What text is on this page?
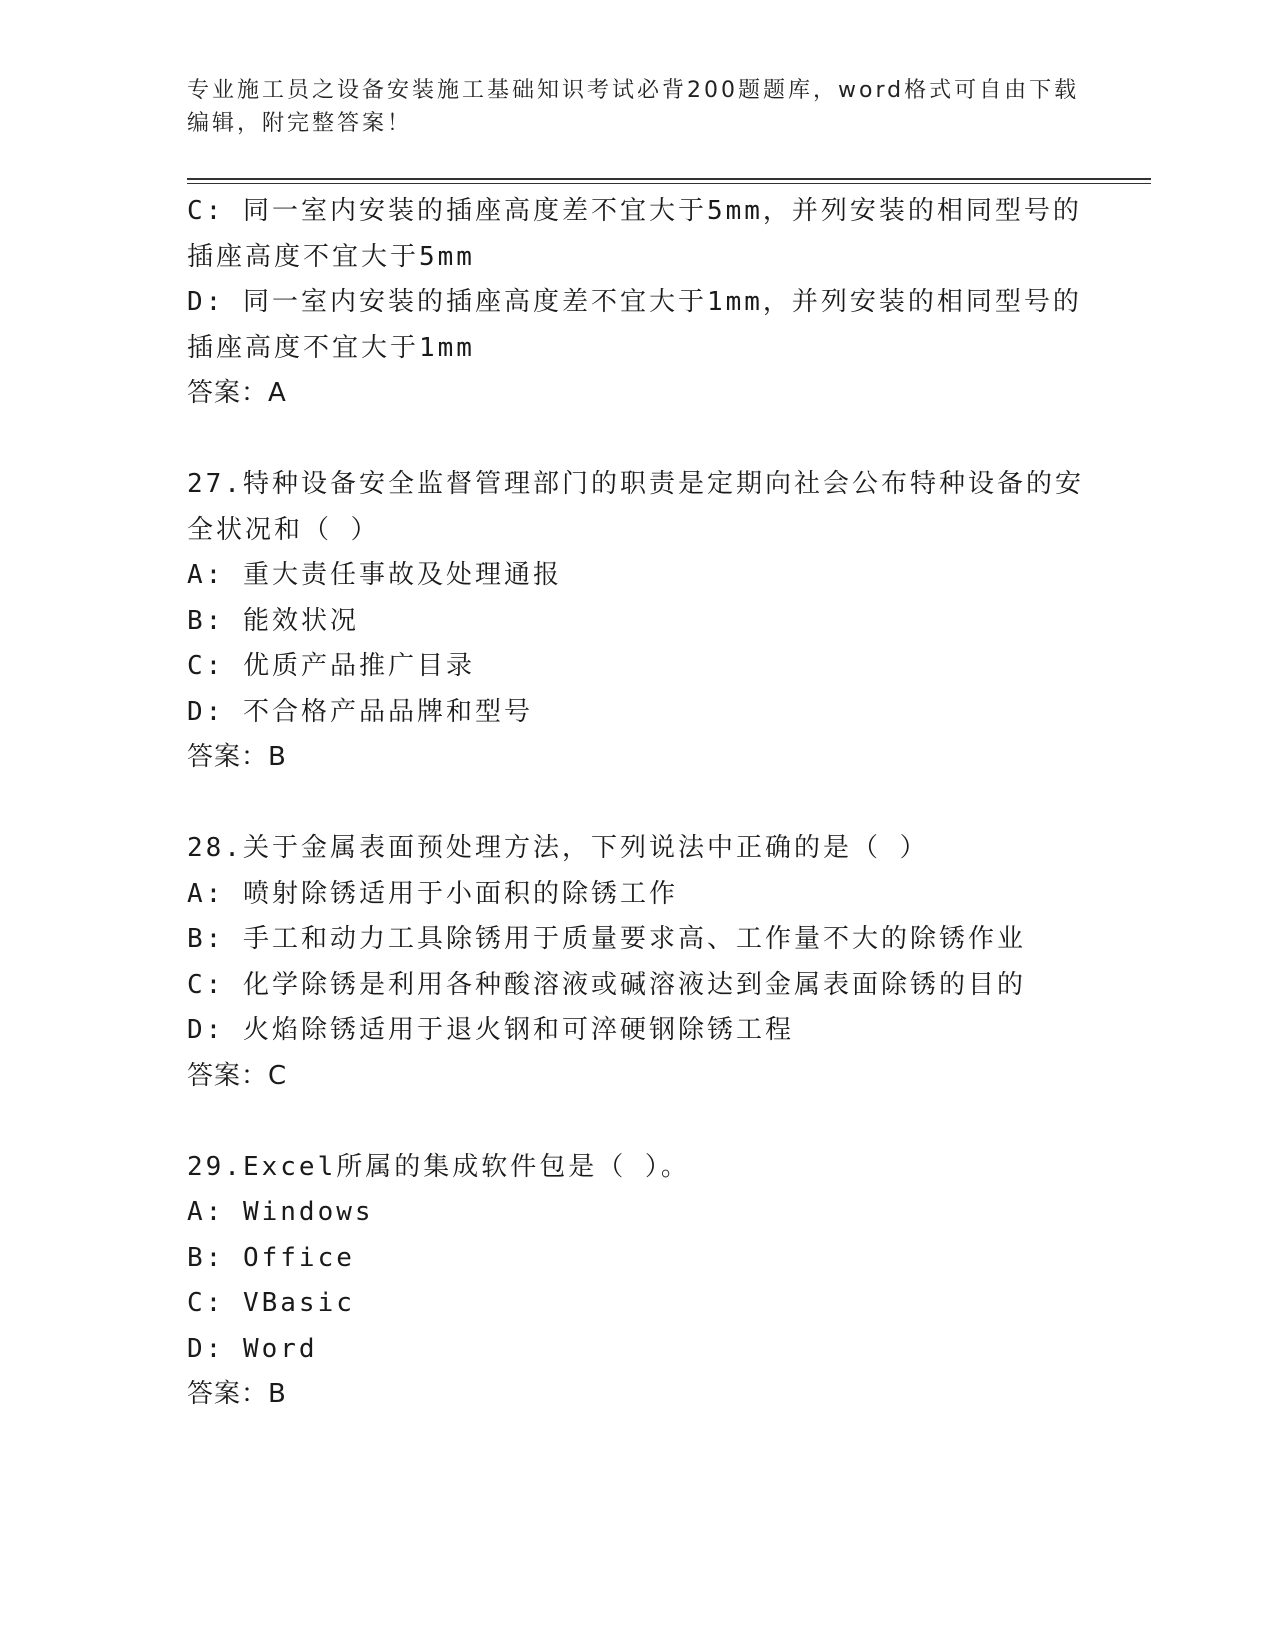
专业施工员之设备安装施工基础知识考试必背200题题库，word格式可自由下载
编辑，附完整答案！
C: 同一室内安装的插座高度差不宜大于5mm，并列安装的相同型号的
插座高度不宜大于5mm
D: 同一室内安装的插座高度差不宜大于1mm，并列安装的相同型号的
插座高度不宜大于1mm
答案：A
27.特种设备安全监督管理部门的职责是定期向社会公布特种设备的安
全状况和（ ）
A: 重大责任事故及处理通报
B: 能效状况
C: 优质产品推广目录
D: 不合格产品品牌和型号
答案：B
28.关于金属表面预处理方法，下列说法中正确的是（ ）
A: 喷射除锈适用于小面积的除锈工作
B: 手工和动力工具除锈用于质量要求高、工作量不大的除锈作业
C: 化学除锈是利用各种酸溶液或碱溶液达到金属表面除锈的目的
D: 火焰除锈适用于退火钢和可淬硬钢除锈工程
答案：C
29.Excel所属的集成软件包是（ ）。
A: Windows
B: Office
C: VBasic
D: Word
答案：B
